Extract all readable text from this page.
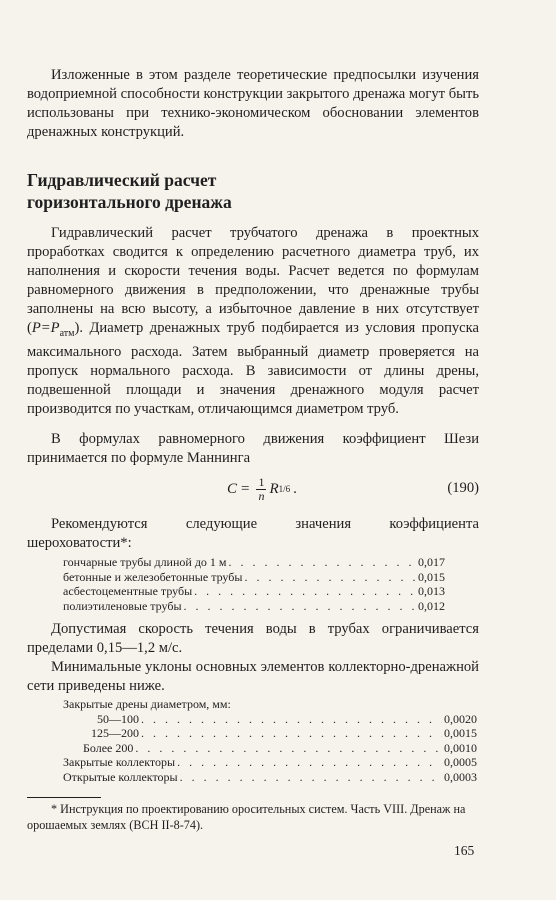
Изложенные в этом разделе теоретические предпосылки изучения водоприемной способности конструкции закрытого дренажа могут быть использованы при технико-экономическом обосновании элементов дренажных конструкций.

Гидравлический расчет

горизонтального дренажа

Гидравлический расчет трубчатого дренажа в проектных проработках сводится к определению расчетного диаметра труб, их наполнения и скорости течения воды. Расчет ведется по формулам равномерного движения в предположении, что дренажные трубы заполнены на всю высоту, а избыточное давление в них отсутствует $(P=P_{атм})$. Диаметр дренажных труб подбирается из условия пропуска максимального расхода. Затем выбранный диаметр проверяется на пропуск нормального расхода. В зависимости от длины дрены, подвешенной площади и значения дренажного модуля расчет производится по участкам, отличающимся диаметром труб.

В формулах равномерного движения коэффициент Шези принимается по формуле Маннинга

$C = \frac{1}{n}$ R 1/6 .	(190)

Рекомендуются следующие значения коэффициента шероховатости*:

гончарные трубы длиной до 1 м . . .	0,017
бетонные и железобетонные трубы . . .	0,015
асбестоцементные трубы . . .	0,013
полиэтиленовые трубы . . .	0,012

Допустимая скорость течения воды в трубах ограничивается пределами 0,15—1,2 м/с.

Минимальные уклоны основных элементов коллекторно-дренажной сети приведены ниже.

Закрытые дрены диаметром, мм:
50—100 . . .	0,0020
125—200 . . .	0,0015
Более 200 . . .	0,0010
Закрытые коллекторы . . .	0,0005
Открытые коллекторы . . .	0,0003

* Инструкция по проектированию оросительных систем. Часть VIII. Дренаж на орошаемых землях (ВСН II-8-74).

165
